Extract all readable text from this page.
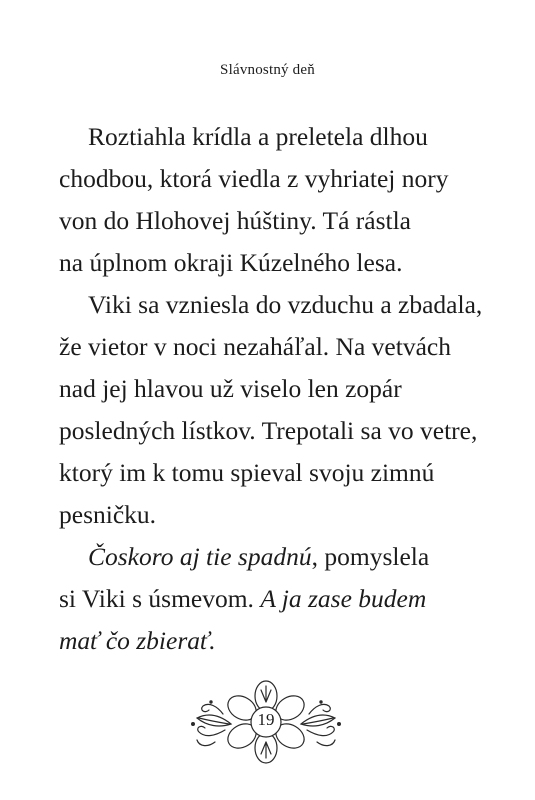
Slávnostný deň
Roztiahla krídla a preletela dlhou
chodbou, ktorá viedla z vyhriatej nory
von do Hlohovej húštiny. Tá rástla
na úplnom okraji Kúzelného lesa.
Viki sa vzniesla do vzduchu a zbadala,
že vietor v noci nezaháľal. Na vetvách
nad jej hlavou už viselo len zopár
posledných lístkov. Trepotali sa vo vetre,
ktorý im k tomu spieval svoju zimnú
pesničku.
Čoskoro aj tie spadnú, pomyslela
si Viki s úsmevom. A ja zase budem
mať čo zbierať.
19
